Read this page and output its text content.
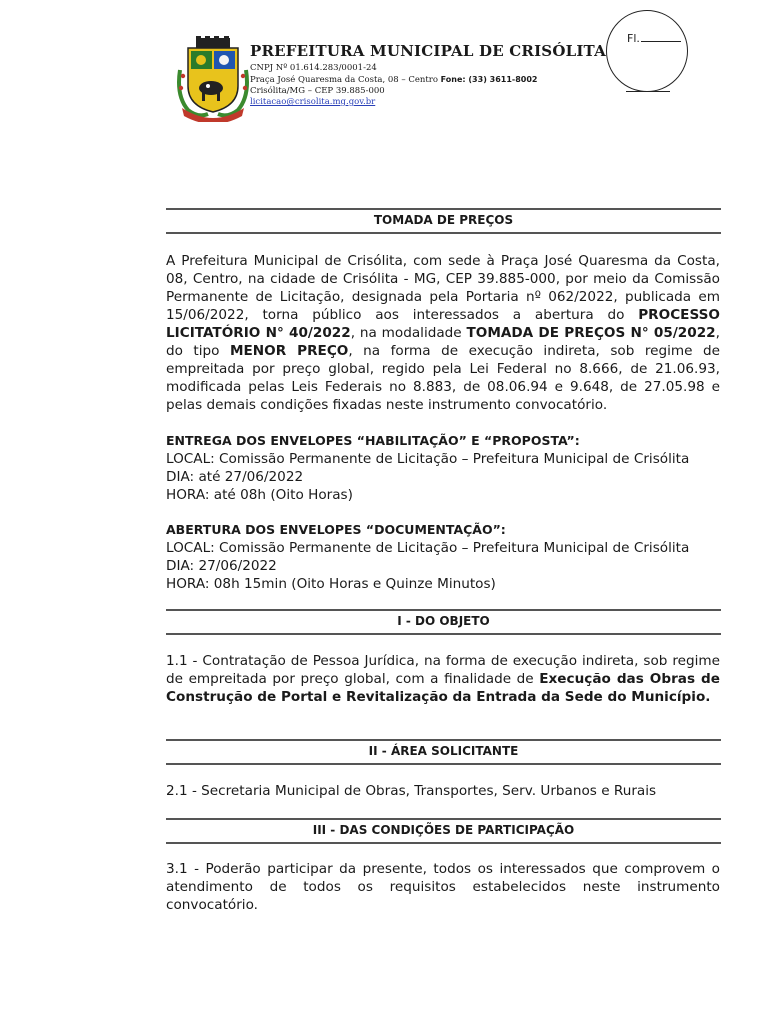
PREFEITURA MUNICIPAL DE CRISÓLITA
CNPJ Nº 01.614.283/0001-24
Praça José Quaresma da Costa, 08 – Centro Fone: (33) 3611-8002
Crisólita/MG – CEP 39.885-000
licitacao@crisolita.mg.gov.br
Fl.
TOMADA DE PREÇOS

A Prefeitura Municipal de Crisólita, com sede à Praça José Quaresma da Costa, 08, Centro, na cidade de Crisólita - MG, CEP 39.885-000, por meio da Comissão Permanente de Licitação, designada pela Portaria nº 062/2022, publicada em 15/06/2022, torna público aos interessados a abertura do PROCESSO LICITATÓRIO N° 40/2022, na modalidade TOMADA DE PREÇOS N° 05/2022, do tipo MENOR PREÇO, na forma de execução indireta, sob regime de empreitada por preço global, regido pela Lei Federal no 8.666, de 21.06.93, modificada pelas Leis Federais no 8.883, de 08.06.94 e 9.648, de 27.05.98 e pelas demais condições fixadas neste instrumento convocatório.

ENTREGA DOS ENVELOPES “HABILITAÇÃO” E “PROPOSTA”:
LOCAL: Comissão Permanente de Licitação – Prefeitura Municipal de Crisólita
DIA: até 27/06/2022
HORA: até 08h (Oito Horas)
ABERTURA DOS ENVELOPES “DOCUMENTAÇÃO”:
LOCAL: Comissão Permanente de Licitação – Prefeitura Municipal de Crisólita
DIA: 27/06/2022
HORA: 08h 15min (Oito Horas e Quinze Minutos)
I - DO OBJETO

1.1 - Contratação de Pessoa Jurídica, na forma de execução indireta, sob regime de empreitada por preço global, com a finalidade de Execução das Obras de Construção de Portal e Revitalização da Entrada da Sede do Município.

II - ÁREA SOLICITANTE

2.1 - Secretaria Municipal de Obras, Transportes, Serv. Urbanos e Rurais

III - DAS CONDIÇÕES DE PARTICIPAÇÃO

3.1 - Poderão participar da presente, todos os interessados que comprovem o atendimento de todos os requisitos estabelecidos neste instrumento convocatório.
